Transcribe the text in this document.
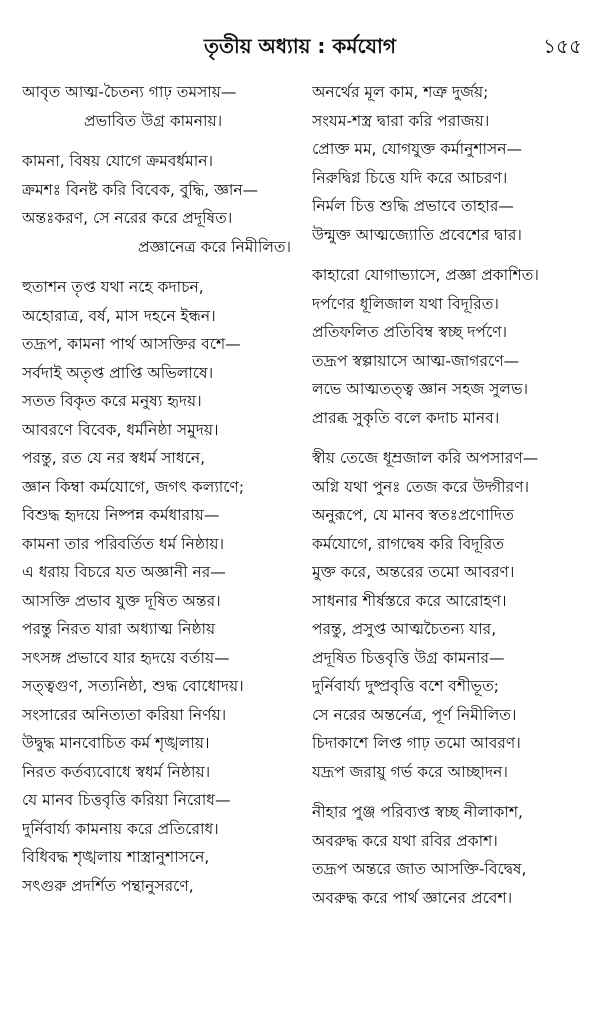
তৃতীয় অধ্যায় : কর্মযোগ	১৫৫
আবৃত আত্ম-চৈতন্য গাঢ় তমসায়—
প্রভাবিত উগ্র কামনায়।
কামনা, বিষয় যোগে ক্রমবর্ধমান।
ক্রমশঃ বিনষ্ট করি বিবেক, বুদ্ধি, জ্ঞান—
অন্তঃকরণ, সে নরের করে প্রদূষিত।
প্রজ্ঞানেত্র করে নিমীলিত।
হুতাশন তৃপ্ত যথা নহে কদাচন,
অহোরাত্র, বর্ষ, মাস দহনে ইন্ধন।
তদ্রূপ, কামনা পার্থ আসক্তির বশে—
সর্বদাই অতৃপ্ত প্রাপ্তি অভিলাষে।
সতত বিকৃত করে মনুষ্য হৃদয়।
আবরণে বিবেক, ধর্মনিষ্ঠা সমুদয়।
পরন্তু, রত যে নর স্বধর্ম সাধনে,
জ্ঞান কিম্বা কর্মযোগে, জগৎ কল্যাণে;
বিশুদ্ধ হৃদয়ে নিষ্পন্ন কর্মধারায়—
কামনা তার পরিবর্তিত ধর্ম নিষ্ঠায়।
এ ধরায় বিচরে যত অজ্ঞানী নর—
আসক্তি প্রভাব যুক্ত দূষিত অন্তর।
পরন্তু নিরত যারা অধ্যাত্ম নিষ্ঠায়
সৎসঙ্গ প্রভাবে যার হৃদয়ে বর্তায়—
সত্ত্বগুণ, সত্যনিষ্ঠা, শুদ্ধ বোধোদয়।
সংসারের অনিত্যতা করিয়া নির্ণয়।
উদ্বুদ্ধ মানবোচিত কর্ম শৃঙ্খলায়।
নিরত কর্তব্যবোধে স্বধর্ম নিষ্ঠায়।
যে মানব চিত্তবৃত্তি করিয়া নিরোধ—
দুর্নিবার্য্য কামনায় করে প্রতিরোধ।
বিধিবদ্ধ শৃঙ্খলায় শাস্ত্রানুশাসনে,
সৎগুরু প্রদর্শিত পন্থানুসরণে,
অনর্থের মূল কাম, শত্রু দুর্জয়;
সংযম-শস্ত্র দ্বারা করি পরাজয়।
প্রোক্ত মম, যোগযুক্ত কর্মানুশাসন—
নিরুদ্বিগ্ন চিত্তে যদি করে আচরণ।
নির্মল চিত্ত শুদ্ধি প্রভাবে তাহার—
উন্মুক্ত আত্মজ্যোতি প্রবেশের দ্বার।
কাহারো যোগাভ্যাসে, প্রজ্ঞা প্রকাশিত।
দর্পণের ধূলিজাল যথা বিদূরিত।
প্রতিফলিত প্রতিবিম্ব স্বচ্ছ দর্পণে।
তদ্রূপ স্বল্পায়াসে আত্ম-জাগরণে—
লভে আত্মতত্ত্ব জ্ঞান সহজ সুলভ।
প্রারব্ধ সুকৃতি বলে কদাচ মানব।
স্বীয় তেজে ধূম্রজাল করি অপসারণ—
অগ্নি যথা পুনঃ তেজ করে উদ্গীরণ।
অনুরূপে, যে মানব স্বতঃপ্রণোদিত
কর্মযোগে, রাগদ্বেষ করি বিদূরিত
মুক্ত করে, অন্তরের তমো আবরণ।
সাধনার শীর্ষস্তরে করে আরোহণ।
পরন্তু, প্রসুপ্ত আত্মচৈতন্য যার,
প্রদূষিত চিত্তবৃত্তি উগ্র কামনার—
দুর্নিবার্য্য দুষ্প্রবৃত্তি বশে বশীভূত;
সে নরের অন্তর্নেত্র, পূর্ণ নিমীলিত।
চিদাকাশে লিপ্ত গাঢ় তমো আবরণ।
যদ্রূপ জরায়ু গর্ভ করে আচ্ছাদন।
নীহার পুঞ্জ পরিব্যপ্ত স্বচ্ছ নীলাকাশ,
অবরুদ্ধ করে যথা রবির প্রকাশ।
তদ্রূপ অন্তরে জাত আসক্তি-বিদ্বেষ,
অবরুদ্ধ করে পার্থ জ্ঞানের প্রবেশ।
